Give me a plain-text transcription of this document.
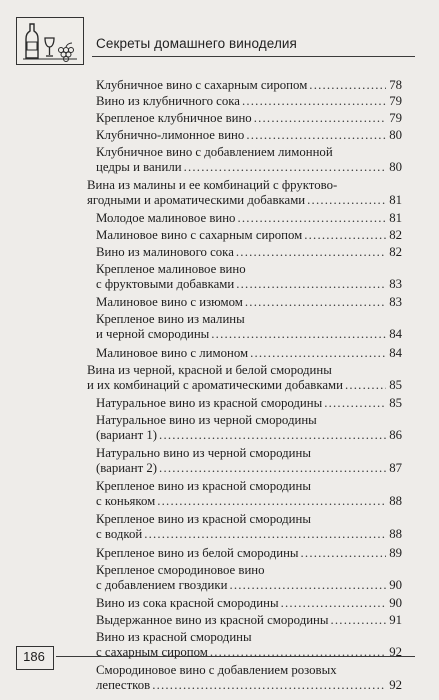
Секреты домашнего виноделия
Клубничное вино с сахарным сиропом .....	78
Вино из клубничного сока .....	79
Крепленое клубничное вино .....	79
Клубнично-лимонное вино .....	80
Клубничное вино с добавлением лимонной
цедры и ванили .....	80
Вина из малины и ее комбинаций с фруктово-
ягодными и ароматическими добавками .....	81
Молодое малиновое вино .....	81
Малиновое вино с сахарным сиропом .....	82
Вино из малинового сока .....	82
Крепленое малиновое вино
с фруктовыми добавками .....	83
Малиновое вино с изюмом .....	83
Крепленое вино из малины
и черной смородины .....	84
Малиновое вино с лимоном .....	84
Вина из черной, красной и белой смородины
и их комбинаций с ароматическими добавками .....	85
Натуральное вино из красной смородины .....	85
Натуральное вино из черной смородины
(вариант 1) .....	86
Натурально вино из черной смородины
(вариант 2) .....	87
Крепленое вино из красной смородины
с коньяком .....	88
Крепленое вино из красной смородины
с водкой .....	88
Крепленое вино из белой смородины .....	89
Крепленое смородиновое вино
с добавлением гвоздики .....	90
Вино из сока красной смородины .....	90
Выдержанное вино из красной смородины .....	91
Вино из красной смородины
с сахарным сиропом .....	92
Смородиновое вино с добавлением розовых
лепестков .....	92
186
